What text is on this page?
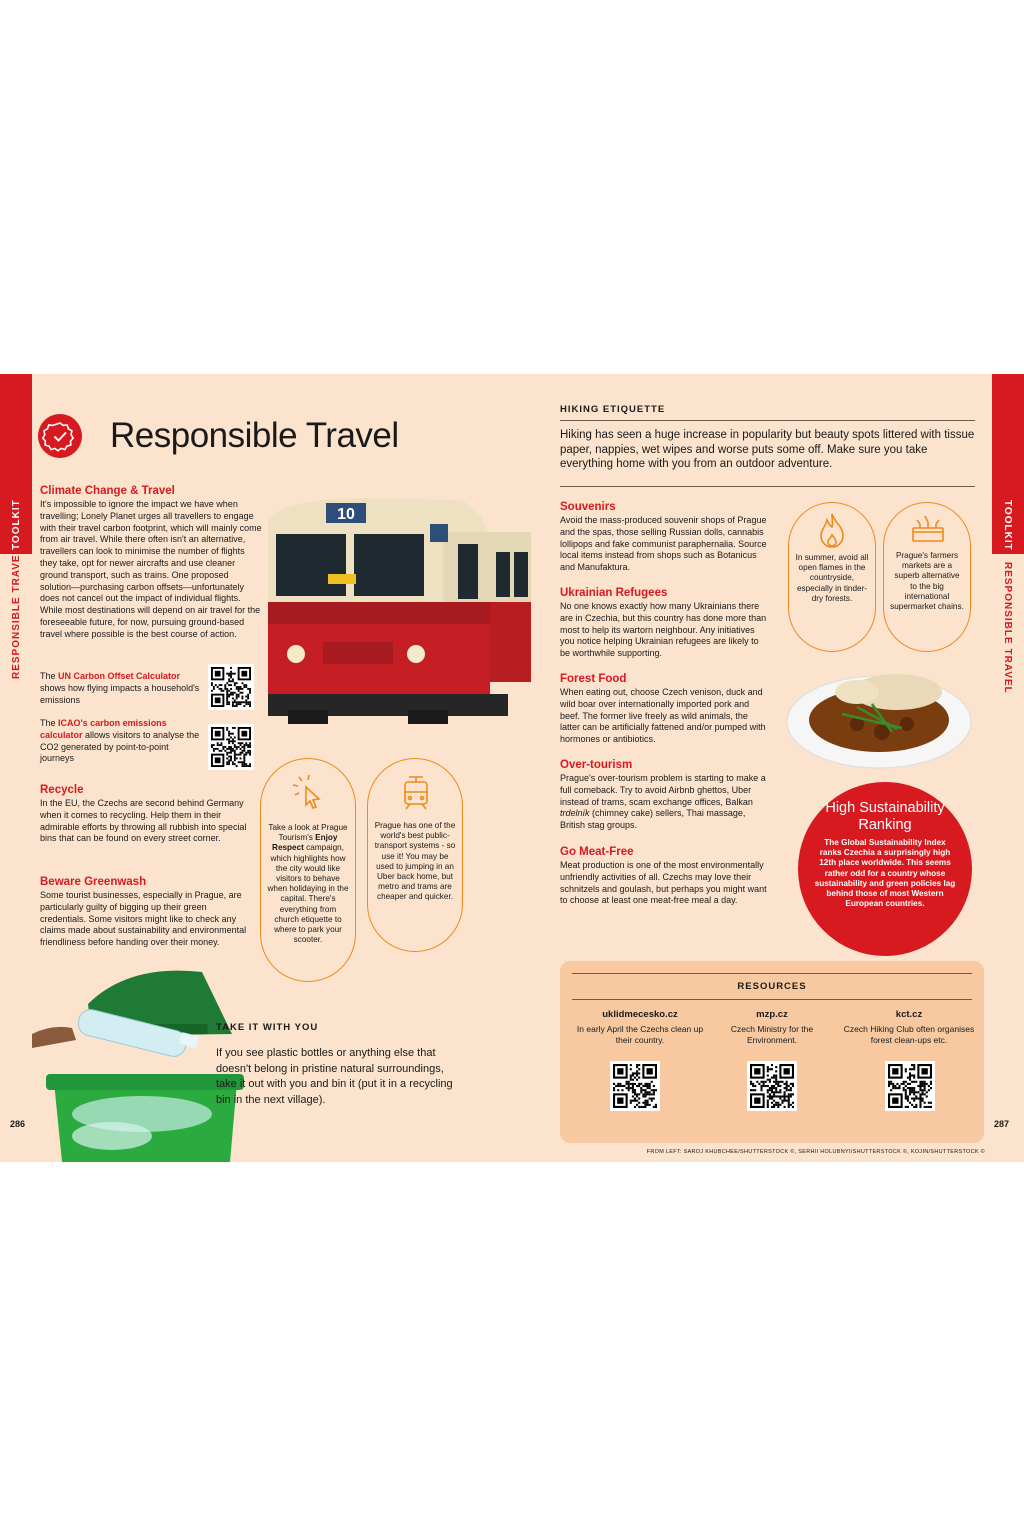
TOOLKIT
RESPONSIBLE TRAVEL
TOOLKIT
RESPONSIBLE TRAVEL
Responsible Travel
Climate Change & Travel

It's impossible to ignore the impact we have when travelling; Lonely Planet urges all travellers to engage with their travel carbon footprint, which will mainly come from air travel. While there often isn't an alternative, travellers can look to minimise the number of flights they take, opt for newer aircrafts and use cleaner ground transport, such as trains. One proposed solution—purchasing carbon offsets—unfortunately does not cancel out the impact of individual flights. While most destinations will depend on air travel for the foreseeable future, for now, pursuing ground-based travel where possible is the best course of action.

10
The UN Carbon Offset Calculator shows how flying impacts a household's emissions
The ICAO's carbon emissions calculator allows visitors to analyse the CO2 generated by point-to-point journeys
Recycle

In the EU, the Czechs are second behind Germany when it comes to recycling. Help them in their admirable efforts by throwing all rubbish into special bins that can be found on every street corner.

Beware Greenwash

Some tourist businesses, especially in Prague, are particularly guilty of bigging up their green credentials. Some visitors might like to check any claims made about sustainability and environmental friendliness before handing over their money.

Take a look at Prague Tourism's Enjoy Respect campaign, which highlights how the city would like visitors to behave when holidaying in the capital. There's everything from church etiquette to where to park your scooter.
Prague has one of the world's best public-transport systems - so use it! You may be used to jumping in an Uber back home, but metro and trams are cheaper and quicker.
TAKE IT WITH YOU
If you see plastic bottles or anything else that doesn't belong in pristine natural surroundings, take it out with you and bin it (put it in a recycling bin in the next village).
286
HIKING ETIQUETTE
Hiking has seen a huge increase in popularity but beauty spots littered with tissue paper, nappies, wet wipes and worse puts some off. Make sure you take everything home with you from an outdoor adventure.
Souvenirs

Avoid the mass-produced souvenir shops of Prague and the spas, those selling Russian dolls, cannabis lollipops and fake communist paraphernalia. Source local items instead from shops such as Botanicus and Manufaktura.

Ukrainian Refugees

No one knows exactly how many Ukrainians there are in Czechia, but this country has done more than most to help its wartorn neighbour. Any initiatives you notice helping Ukrainian refugees are likely to be worthwhile supporting.

Forest Food

When eating out, choose Czech venison, duck and wild boar over internationally imported pork and beef. The former live freely as wild animals, the latter can be artificially fattened and/or pumped with hormones or antibiotics.

Over-tourism

Prague's over-tourism problem is starting to make a full comeback. Try to avoid Airbnb ghettos, Uber instead of trams, scam exchange offices, Balkan trdelník (chimney cake) sellers, Thai massage, British stag groups.

Go Meat-Free

Meat production is one of the most environmentally unfriendly activities of all. Czechs may love their schnitzels and goulash, but perhaps you might want to choose at least one meat-free meal a day.

In summer, avoid all open flames in the countryside, especially in tinder-dry forests.
Prague's farmers markets are a superb alternative to the big international supermarket chains.
High Sustainability Ranking
The Global Sustainability Index ranks Czechia a surprisingly high 12th place worldwide. This seems rather odd for a country whose sustainability and green policies lag behind those of most Western European countries.
RESOURCES
uklidmecesko.cz
In early April the Czechs clean up their country.
mzp.cz
Czech Ministry for the Environment.
kct.cz
Czech Hiking Club often organises forest clean-ups etc.
FROM LEFT: SAROJ KHUBCHEE/SHUTTERSTOCK ©, SERHII HOLUBNYI/SHUTTERSTOCK ©, KOJIN/SHUTTERSTOCK ©
287
